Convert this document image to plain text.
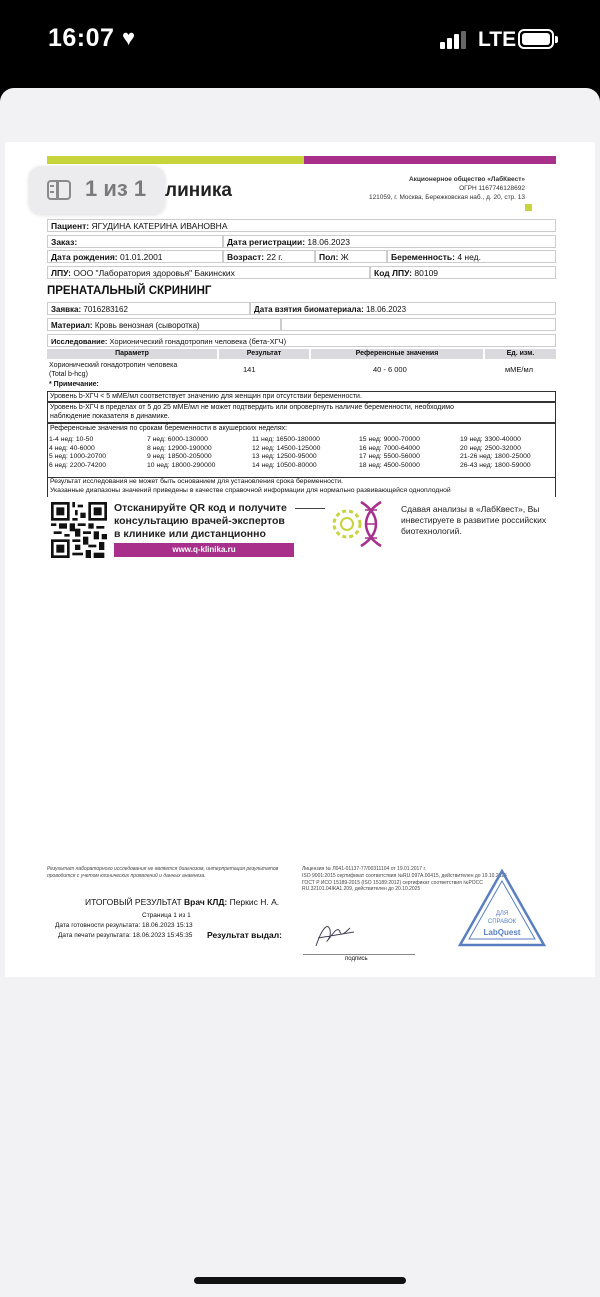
16:07 ♥	LTE
линика
Акционерное общество «ЛабКвест»
ОГРН 1167746128692
121059, г. Москва, Бережковская наб., д. 20, стр. 13
Пациент: ЯГУДИНА КАТЕРИНА ИВАНОВНА
Заказ:	Дата регистрации: 18.06.2023
Дата рождения: 01.01.2001	Возраст: 22 г.	Пол: Ж	Беременность: 4 нед.
ЛПУ: ООО "Лаборатория здоровья" Бакинских	Код ЛПУ: 80109
ПРЕНАТАЛЬНЫЙ СКРИНИНГ
Заявка: 7016283162	Дата взятия биоматериала: 18.06.2023
Материал: Кровь венозная (сыворотка)
Исследование: Хорионический гонадотропин человека (бета-ХГЧ)
Параметр	Результат	Референсные значения	Ед. изм.
Хорионический гонадотропин человека
(Total b-hcg)
141	40 - 6 000	мМЕ/мл
* Примечание:
Уровень b-ХГЧ < 5 мМЕ/мл соответствует значению для женщин при отсутствии беременности.
Уровень b-ХГЧ в пределах от 5 до 25 мМЕ/мл не может подтвердить или опровергнуть наличие беременности, необходимо
наблюдение показателя в динамике.
Референсные значения по срокам беременности в акушерских неделях:
1-4 нед: 10-50	7 нед: 6000-130000	11 нед: 16500-180000	15 нед: 9000-70000	19 нед: 3300-40000
4 нед: 40-6000	8 нед: 12900-190000	12 нед: 14500-125000	16 нед: 7000-64000	20 нед: 2500-32000
5 нед: 1000-20700	9 нед: 18500-205000	13 нед: 12500-95000	17 нед: 5500-56000	21-26 нед: 1800-25000
6 нед: 2200-74200	10 нед: 18000-290000	14 нед: 10500-80000	18 нед: 4500-50000	26-43 нед: 1800-59000
Результат исследования не может быть основанием для установления срока беременности.
Указанные диапазоны значений приведены в качестве справочной информации для нормально развивающейся одноплодной
Отсканируйте QR код и получите
консультацию врачей-экспертов
в клинике или дистанционно
www.q-klinika.ru
Сдавая анализы в «ЛабКвест», Вы инвестируете в развитие российских биотехнологий.
Результат лабораторного исследования не является диагнозом, интерпретация результатов проводится с учетом клинических проявлений и данных анамнеза.
Лицензия № Л041-01137-77/00311104 от 19.01.2017 г.
ISO 9001:2015 сертификат соответствия №RU.097А.00415, действителен до 19.10.2025
ГОСТ Р ИСО 15189-2015 (ISO 15189:2012) сертификат соответствия №РОСС
RU.32101.04ЖА1.209, действителен до 20.10.2025
ИТОГОВЫЙ РЕЗУЛЬТАТ Врач КЛД: Перкис Н. А.
Страница 1 из 1
Дата готовности результата: 18.06.2023 15:13
Дата печати результата: 18.06.2023 15:45:35 Результат выдал:
подпись
ДЛЯ
СПРАВОК
LabQuest
1 из 1
